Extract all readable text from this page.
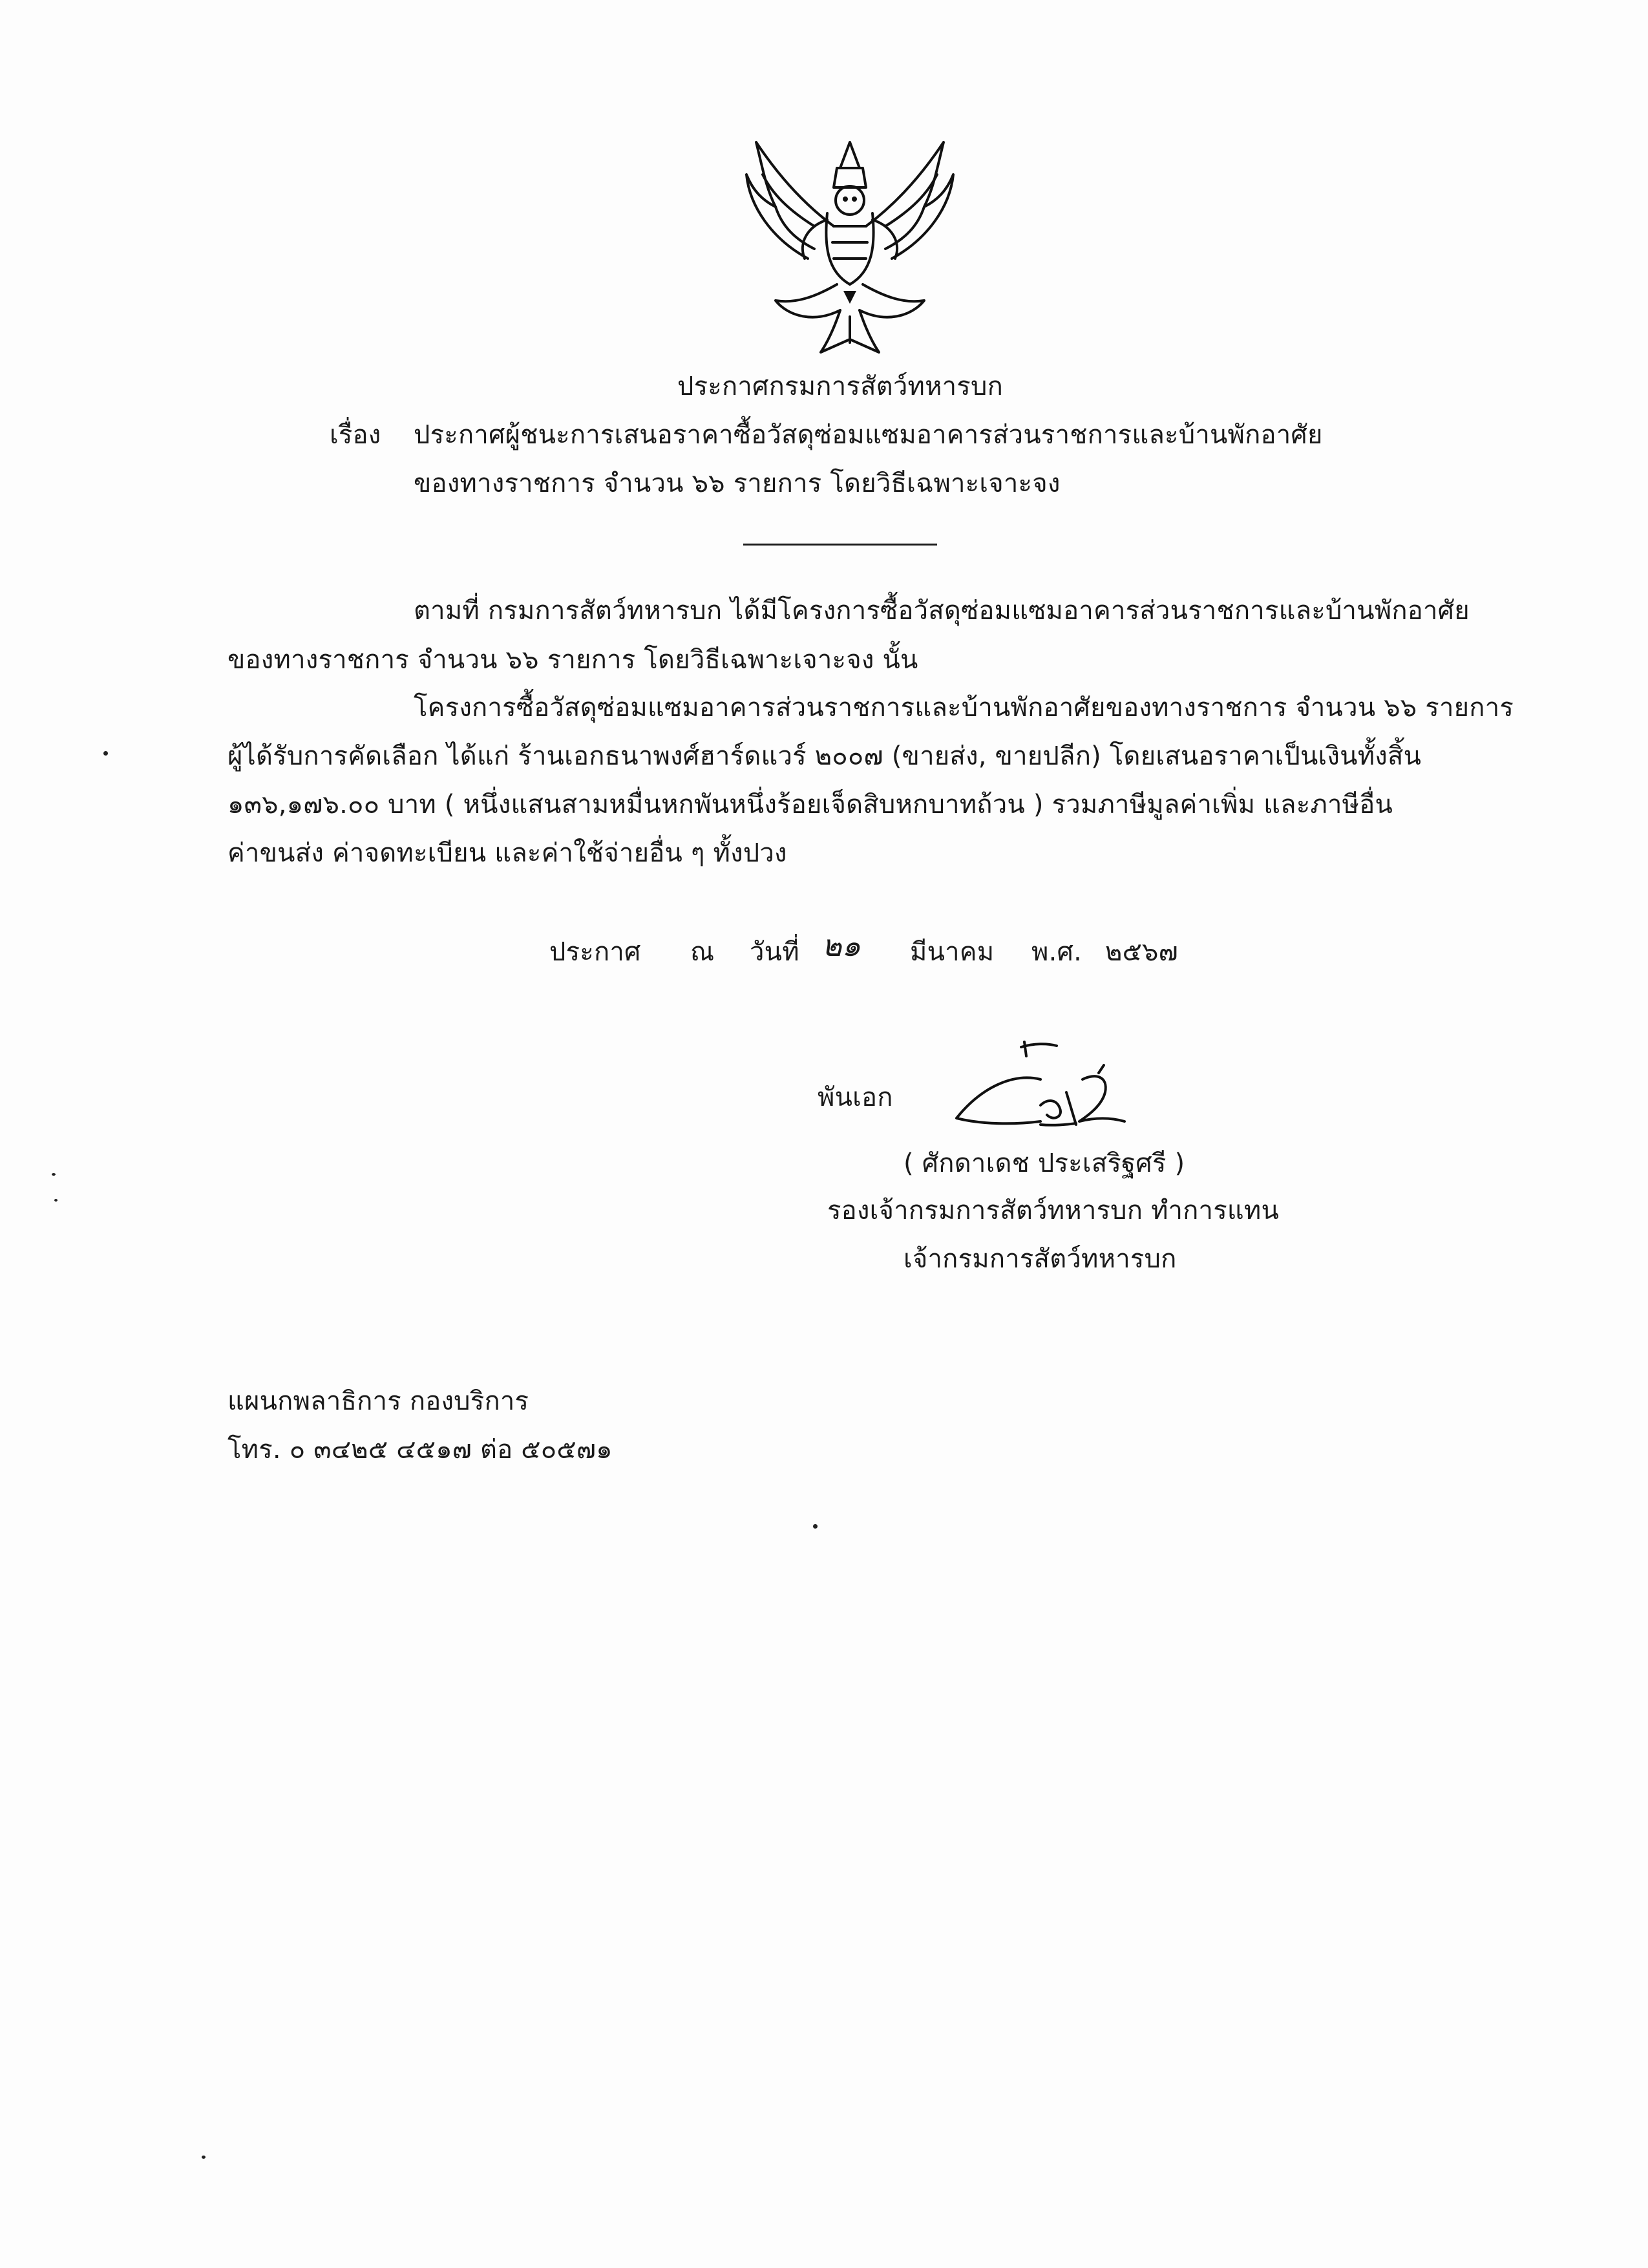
ประกาศกรมการสัตว์ทหารบก
เรื่อง ประกาศผู้ชนะการเสนอราคาซื้อวัสดุซ่อมแซมอาคารส่วนราชการและบ้านพักอาศัย
ของทางราชการ จำนวน ๖๖ รายการ โดยวิธีเฉพาะเจาะจง
ตามที่ กรมการสัตว์ทหารบก ได้มีโครงการซื้อวัสดุซ่อมแซมอาคารส่วนราชการและบ้านพักอาศัย
ของทางราชการ จำนวน ๖๖ รายการ โดยวิธีเฉพาะเจาะจง นั้น
โครงการซื้อวัสดุซ่อมแซมอาคารส่วนราชการและบ้านพักอาศัยของทางราชการ จำนวน ๖๖ รายการ
ผู้ได้รับการคัดเลือก ได้แก่ ร้านเอกธนาพงศ์ฮาร์ดแวร์ ๒๐๐๗ (ขายส่ง, ขายปลีก) โดยเสนอราคาเป็นเงินทั้งสิ้น
๑๓๖,๑๗๖.๐๐ บาท ( หนึ่งแสนสามหมื่นหกพันหนึ่งร้อยเจ็ดสิบหกบาทถ้วน ) รวมภาษีมูลค่าเพิ่ม และภาษีอื่น
ค่าขนส่ง ค่าจดทะเบียน และค่าใช้จ่ายอื่น ๆ ทั้งปวง
ประกาศ ณ วันที่ ๒๑ มีนาคม พ.ศ. ๒๕๖๗
พันเอก
( ศักดาเดช ประเสริฐศรี )
รองเจ้ากรมการสัตว์ทหารบก ทำการแทน
เจ้ากรมการสัตว์ทหารบก
แผนกพลาธิการ กองบริการ
โทร. ๐ ๓๔๒๕ ๔๕๑๗ ต่อ ๕๐๕๗๑
